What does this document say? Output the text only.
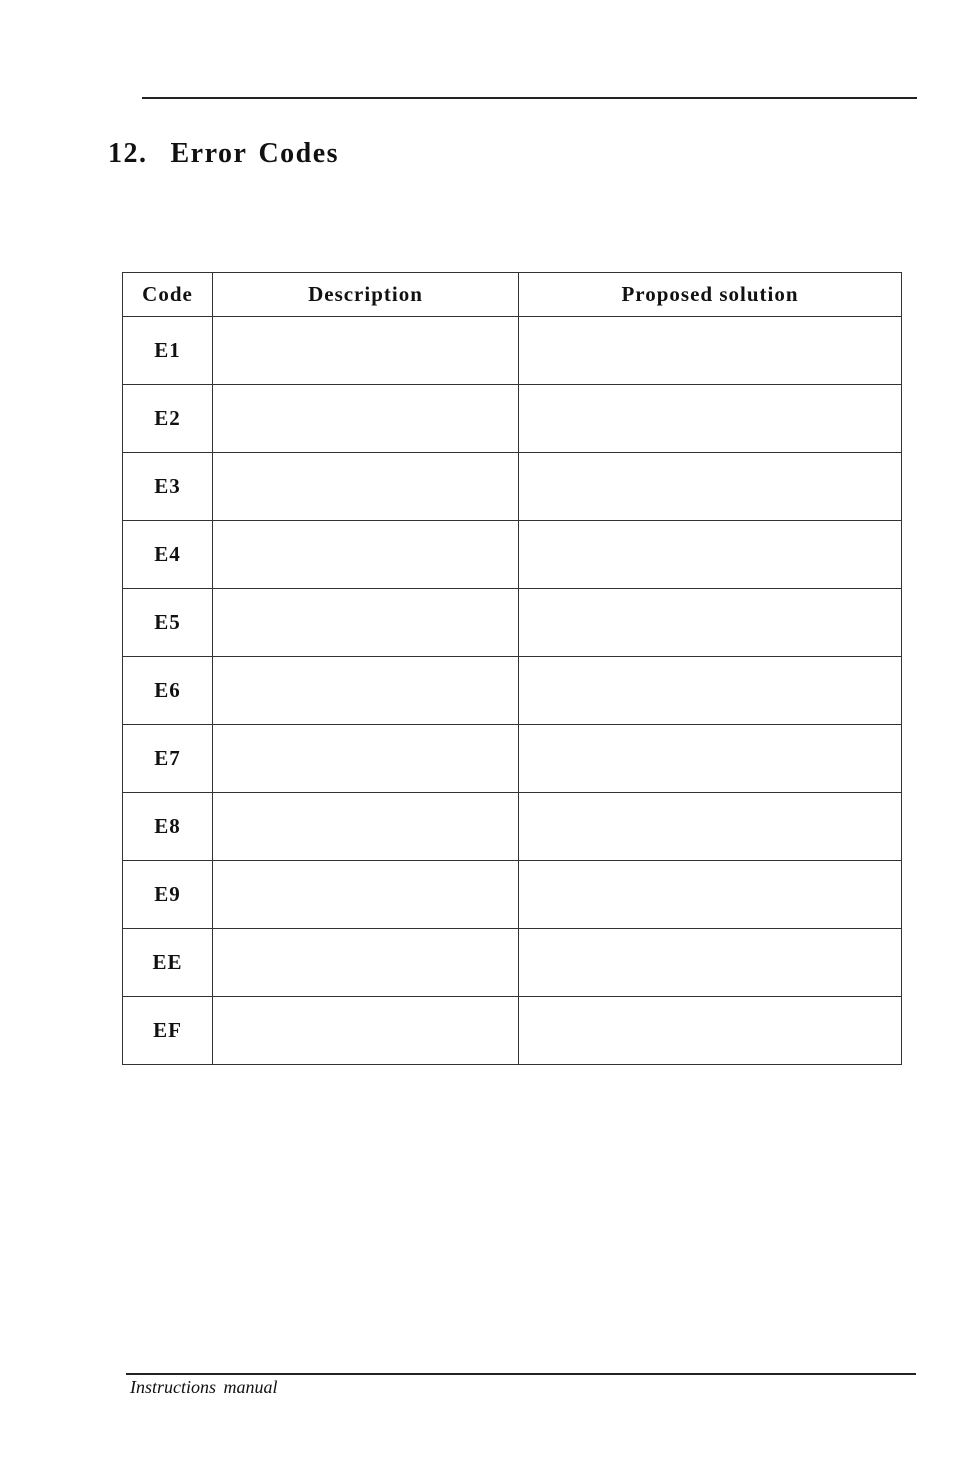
12. Error Codes
Code	Description	Proposed solution
E1		
E2		
E3		
E4		
E5		
E6		
E7		
E8		
E9		
EE		
EF		
Instructions manual
